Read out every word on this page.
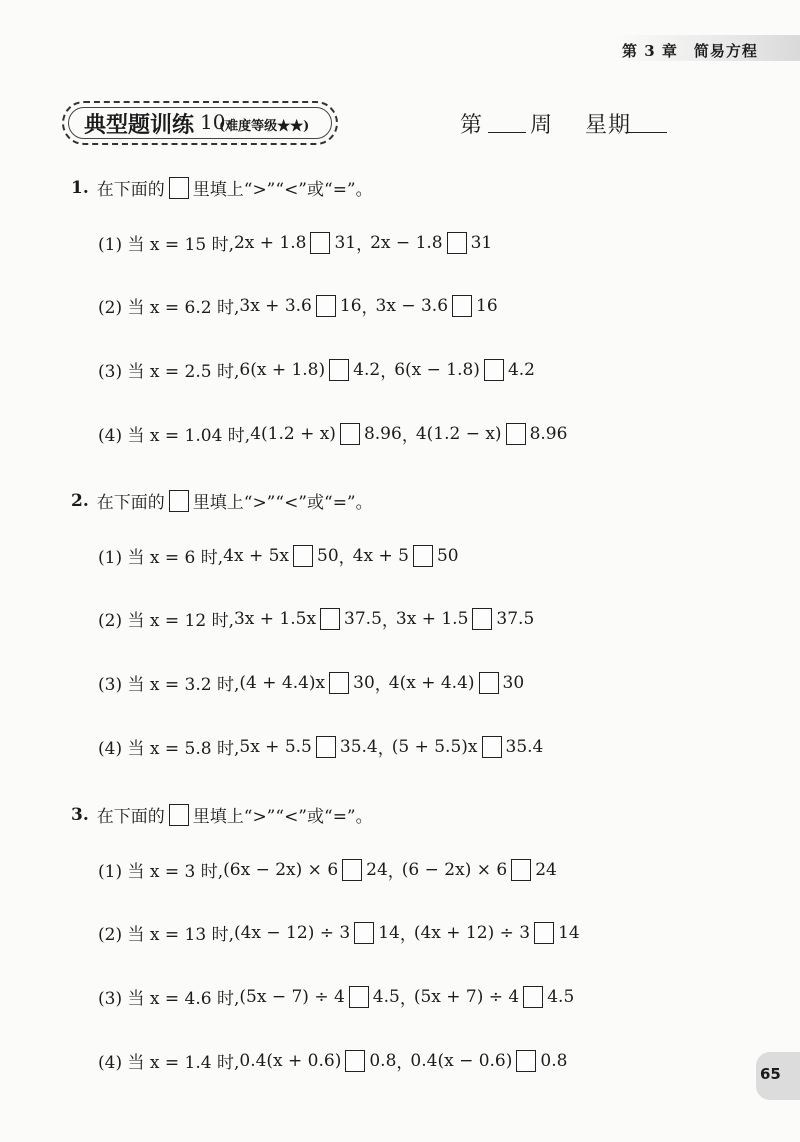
第 3 章　简易方程
典型题训练 10
(难度等级★★)	第 周 星期
1. 在下面的 里填上“>”“<”或“=”。
(1) 当 x = 15 时, 2x + 1.8 31 ，
2x − 1.8 31
(2) 当 x = 6.2 时, 3x + 3.6 16 ，
3x − 3.6 16
(3) 当 x = 2.5 时, 6(x + 1.8) 4.2 ，
6(x − 1.8) 4.2
(4) 当 x = 1.04 时, 4(1.2 + x) 8.96 ，
4(1.2 − x) 8.96
2. 在下面的 里填上“>”“<”或“=”。
(1) 当 x = 6 时, 4x + 5x 50 ，
4x + 5 50
(2) 当 x = 12 时, 3x + 1.5x 37.5 ，
3x + 1.5 37.5
(3) 当 x = 3.2 时, (4 + 4.4)x 30 ，
4(x + 4.4) 30
(4) 当 x = 5.8 时, 5x + 5.5 35.4 ，
(5 + 5.5)x 35.4
3. 在下面的 里填上“>”“<”或“=”。
(1) 当 x = 3 时, (6x − 2x) × 6 24 ，
(6 − 2x) × 6 24
(2) 当 x = 13 时, (4x − 12) ÷ 3 14 ，
(4x + 12) ÷ 3 14
(3) 当 x = 4.6 时, (5x − 7) ÷ 4 4.5 ，
(5x + 7) ÷ 4 4.5
(4) 当 x = 1.4 时, 0.4(x + 0.6) 0.8 ，
0.4(x − 0.6) 0.8
65
